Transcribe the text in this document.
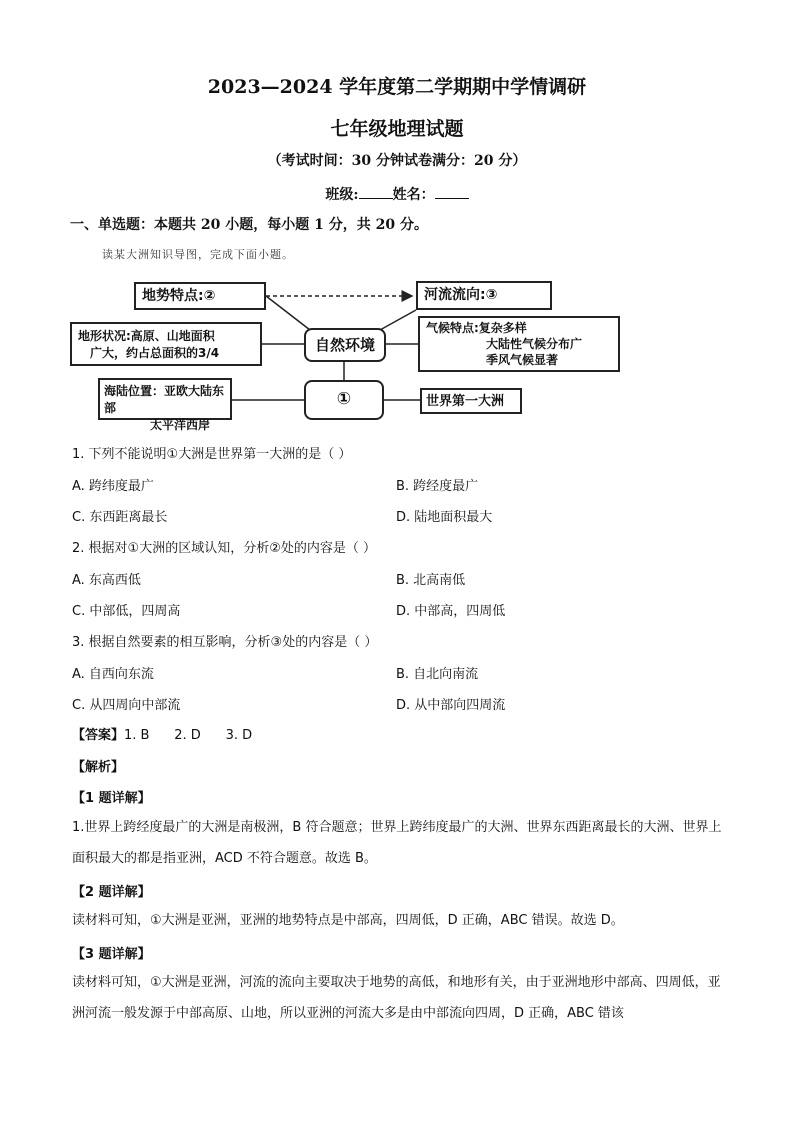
2023—2024 学年度第二学期期中学情调研
七年级地理试题
（考试时间：30 分钟试卷满分：20 分）
班级: 姓名：
一、单选题：本题共 20 小题，每小题 1 分，共 20 分。
读某大洲知识导图，完成下面小题。
地势特点:②	河流流向:③
地形状况:高原、山地面积
广大，约占总面积的3/4	自然环境
气候特点:复杂多样
大陆性气候分布广
季风气候显著
海陆位置：亚欧大陆东部
太平洋西岸
①	世界第一大洲
1. 下列不能说明①大洲是世界第一大洲的是（ ）
A. 跨纬度最广	B. 跨经度最广
C. 东西距离最长	D. 陆地面积最大
2. 根据对①大洲的区域认知，分析②处的内容是（ ）
A. 东高西低	B. 北高南低
C. 中部低，四周高	D. 中部高，四周低
3. 根据自然要素的相互影响，分析③处的内容是（ ）
A. 自西向东流	B. 自北向南流
C. 从四周向中部流	D. 从中部向四周流
【答案】1. B      2. D      3. D
【解析】
【1 题详解】
1.世界上跨经度最广的大洲是南极洲，B 符合题意；世界上跨纬度最广的大洲、世界东西距离最长的大洲、世界上面积最大的都是指亚洲，ACD 不符合题意。故选 B。
【2 题详解】
读材料可知，①大洲是亚洲，亚洲的地势特点是中部高，四周低，D 正确，ABC 错误。故选 D。
【3 题详解】
读材料可知，①大洲是亚洲，河流的流向主要取决于地势的高低，和地形有关，由于亚洲地形中部高、四周低，亚洲河流一般发源于中部高原、山地，所以亚洲的河流大多是由中部流向四周，D 正确，ABC 错该
